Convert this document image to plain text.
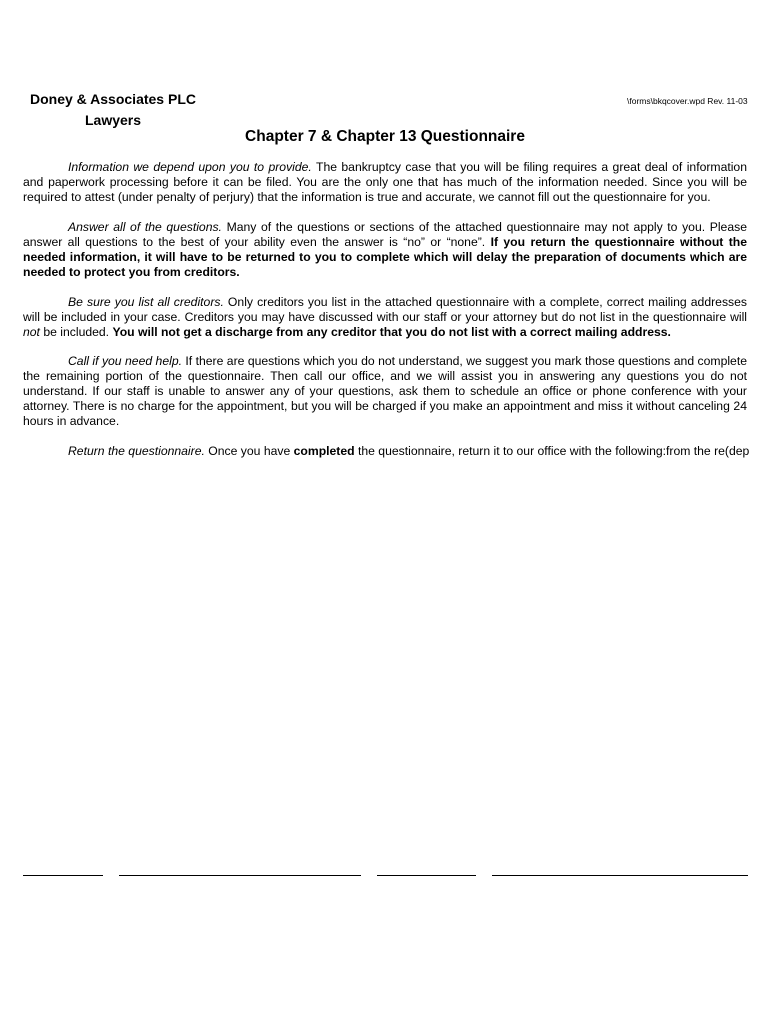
Doney & Associates PLC
Lawyers
\forms\bkqcover.wpd Rev. 11-03
Chapter 7 & Chapter 13 Questionnaire

Information we depend upon you to provide. The bankruptcy case that you will be filing requires a great deal of information and paperwork processing before it can be filed. You are the only one that has much of the information needed. Since you will be required to attest (under penalty of perjury) that the information is true and accurate, we cannot fill out the questionnaire for you.

Answer all of the questions. Many of the questions or sections of the attached questionnaire may not apply to you. Please answer all questions to the best of your ability even the answer is “no” or “none”. If you return the questionnaire without the needed information, it will have to be returned to you to complete which will delay the preparation of documents which are needed to protect you from creditors.

Be sure you list all creditors. Only creditors you list in the attached questionnaire with a complete, correct mailing addresses will be included in your case. Creditors you may have discussed with our staff or your attorney but do not list in the questionnaire will not be included. You will not get a discharge from any creditor that you do not list with a correct mailing address.

Call if you need help. If there are questions which you do not understand, we suggest you mark those questions and complete the remaining portion of the questionnaire. Then call our office, and we will assist you in answering any questions you do not understand. If our staff is unable to answer any of your questions, ask them to schedule an office or phone conference with your attorney. There is no charge for the appointment, but you will be charged if you make an appointment and miss it without canceling 24 hours in advance.

Return the questionnaire. Once you have completed the questionnaire, return it to our office with the following:from the re(dep
